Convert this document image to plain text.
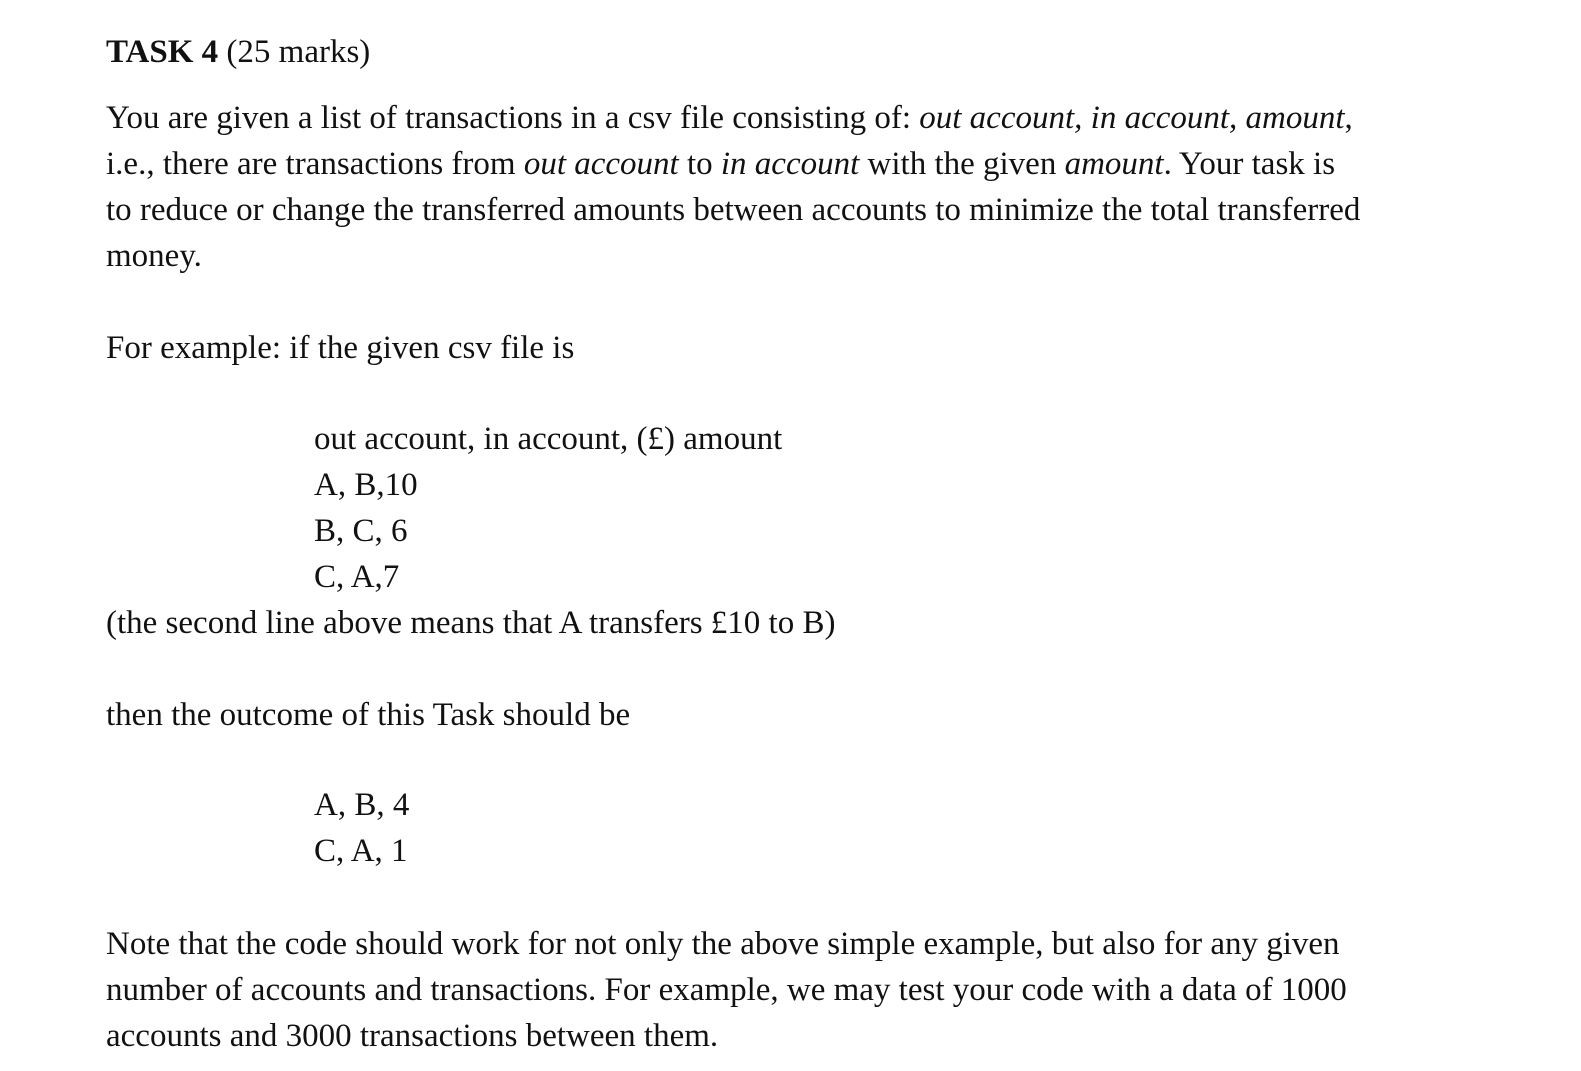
TASK 4 (25 marks)
You are given a list of transactions in a csv file consisting of: out account, in account, amount,
i.e., there are transactions from out account to in account with the given amount. Your task is
to reduce or change the transferred amounts between accounts to minimize the total transferred
money.
For example: if the given csv file is
out account, in account, (£) amount
A, B,10
B, C, 6
C, A,7
(the second line above means that A transfers £10 to B)
then the outcome of this Task should be
A, B, 4
C, A, 1
Note that the code should work for not only the above simple example, but also for any given
number of accounts and transactions. For example, we may test your code with a data of 1000
accounts and 3000 transactions between them.
